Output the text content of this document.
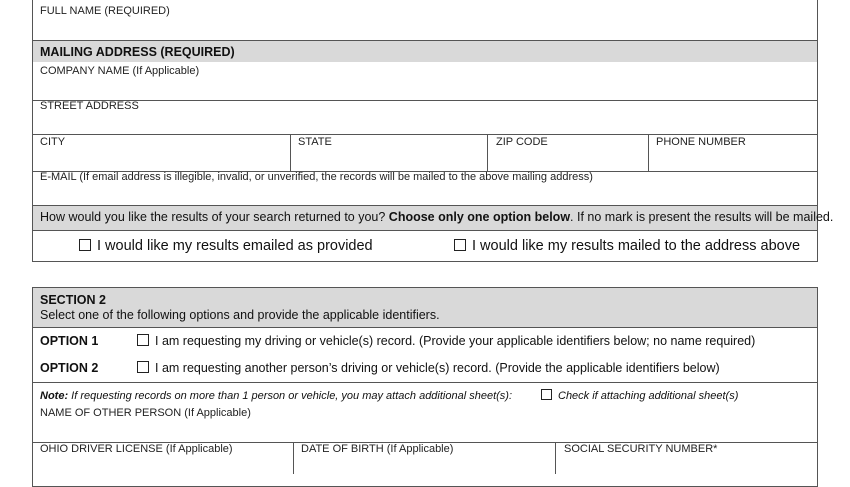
FULL NAME (REQUIRED)
MAILING ADDRESS (REQUIRED)
COMPANY NAME (If Applicable)
STREET ADDRESS
CITY	STATE	ZIP CODE	PHONE NUMBER
E-MAIL (If email address is illegible, invalid, or unverified, the records will be mailed to the above mailing address)
How would you like the results of your search returned to you? Choose only one option below. If no mark is present the results will be mailed.
I would like my results emailed as provided	I would like my results mailed to the address above
SECTION 2
Select one of the following options and provide the applicable identifiers.
OPTION 1	I am requesting my driving or vehicle(s) record. (Provide your applicable identifiers below; no name required)
OPTION 2	I am requesting another person’s driving or vehicle(s) record. (Provide the applicable identifiers below)
Note: If requesting records on more than 1 person or vehicle, you may attach additional sheet(s):	Check if attaching additional sheet(s)
NAME OF OTHER PERSON (If Applicable)
OHIO DRIVER LICENSE (If Applicable)	DATE OF BIRTH (If Applicable)	SOCIAL SECURITY NUMBER*
